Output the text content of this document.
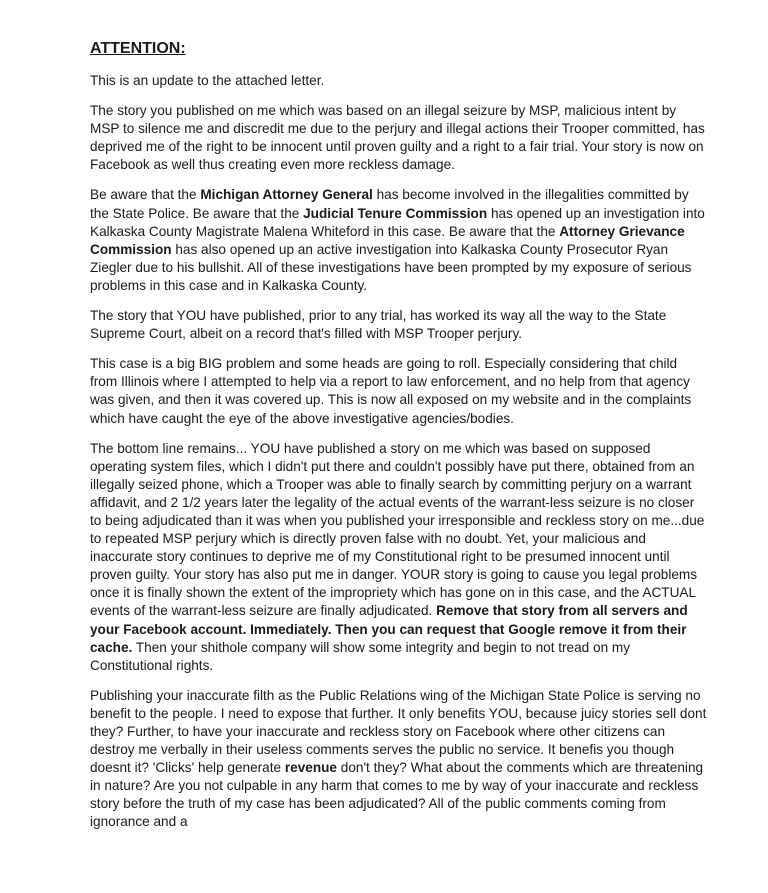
ATTENTION:

This is an update to the attached letter.

The story you published on me which was based on an illegal seizure by MSP, malicious intent by MSP to silence me and discredit me due to the perjury and illegal actions their Trooper committed, has deprived me of the right to be innocent until proven guilty and a right to a fair trial. Your story is now on Facebook as well thus creating even more reckless damage.

Be aware that the Michigan Attorney General has become involved in the illegalities committed by the State Police. Be aware that the Judicial Tenure Commission has opened up an investigation into Kalkaska County Magistrate Malena Whiteford in this case. Be aware that the Attorney Grievance Commission has also opened up an active investigation into Kalkaska County Prosecutor Ryan Ziegler due to his bullshit. All of these investigations have been prompted by my exposure of serious problems in this case and in Kalkaska County.

The story that YOU have published, prior to any trial, has worked its way all the way to the State Supreme Court, albeit on a record that's filled with MSP Trooper perjury.

This case is a big BIG problem and some heads are going to roll. Especially considering that child from Illinois where I attempted to help via a report to law enforcement, and no help from that agency was given, and then it was covered up. This is now all exposed on my website and in the complaints which have caught the eye of the above investigative agencies/bodies.

The bottom line remains... YOU have published a story on me which was based on supposed operating system files, which I didn't put there and couldn't possibly have put there, obtained from an illegally seized phone, which a Trooper was able to finally search by committing perjury on a warrant affidavit, and 2 1/2 years later the legality of the actual events of the warrant-less seizure is no closer to being adjudicated than it was when you published your irresponsible and reckless story on me...due to repeated MSP perjury which is directly proven false with no doubt. Yet, your malicious and inaccurate story continues to deprive me of my Constitutional right to be presumed innocent until proven guilty. Your story has also put me in danger. YOUR story is going to cause you legal problems once it is finally shown the extent of the impropriety which has gone on in this case, and the ACTUAL events of the warrant-less seizure are finally adjudicated. Remove that story from all servers and your Facebook account. Immediately. Then you can request that Google remove it from their cache. Then your shithole company will show some integrity and begin to not tread on my Constitutional rights.

Publishing your inaccurate filth as the Public Relations wing of the Michigan State Police is serving no benefit to the people. I need to expose that further. It only benefits YOU, because juicy stories sell dont they? Further, to have your inaccurate and reckless story on Facebook where other citizens can destroy me verbally in their useless comments serves the public no service. It benefis you though doesnt it? 'Clicks' help generate revenue don't they? What about the comments which are threatening in nature? Are you not culpable in any harm that comes to me by way of your inaccurate and reckless story before the truth of my case has been adjudicated? All of the public comments coming from ignorance and a
